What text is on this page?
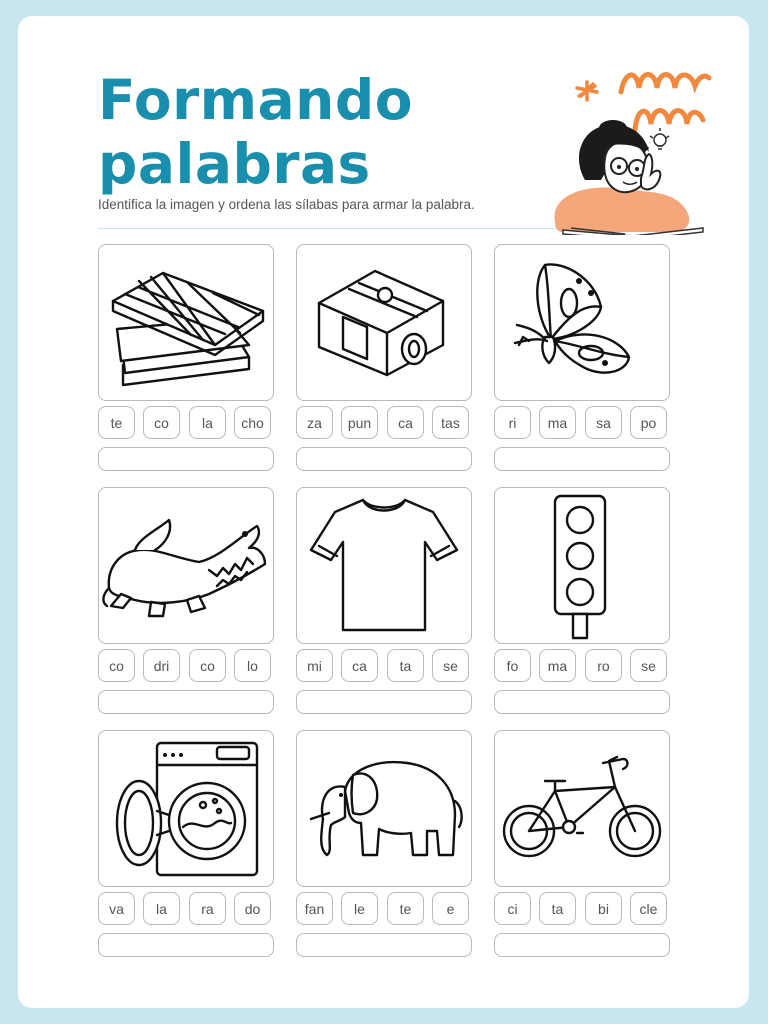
Formando
palabras
Identifica la imagen y ordena las sílabas para armar la palabra.
te	co	la	cho	za	pun	ca	tas	ri	ma	sa	po
co	dri	co	lo	mi	ca	ta	se	fo	ma	ro	se
va	la	ra	do	fan	le	te	e	ci	ta	bi	cle
